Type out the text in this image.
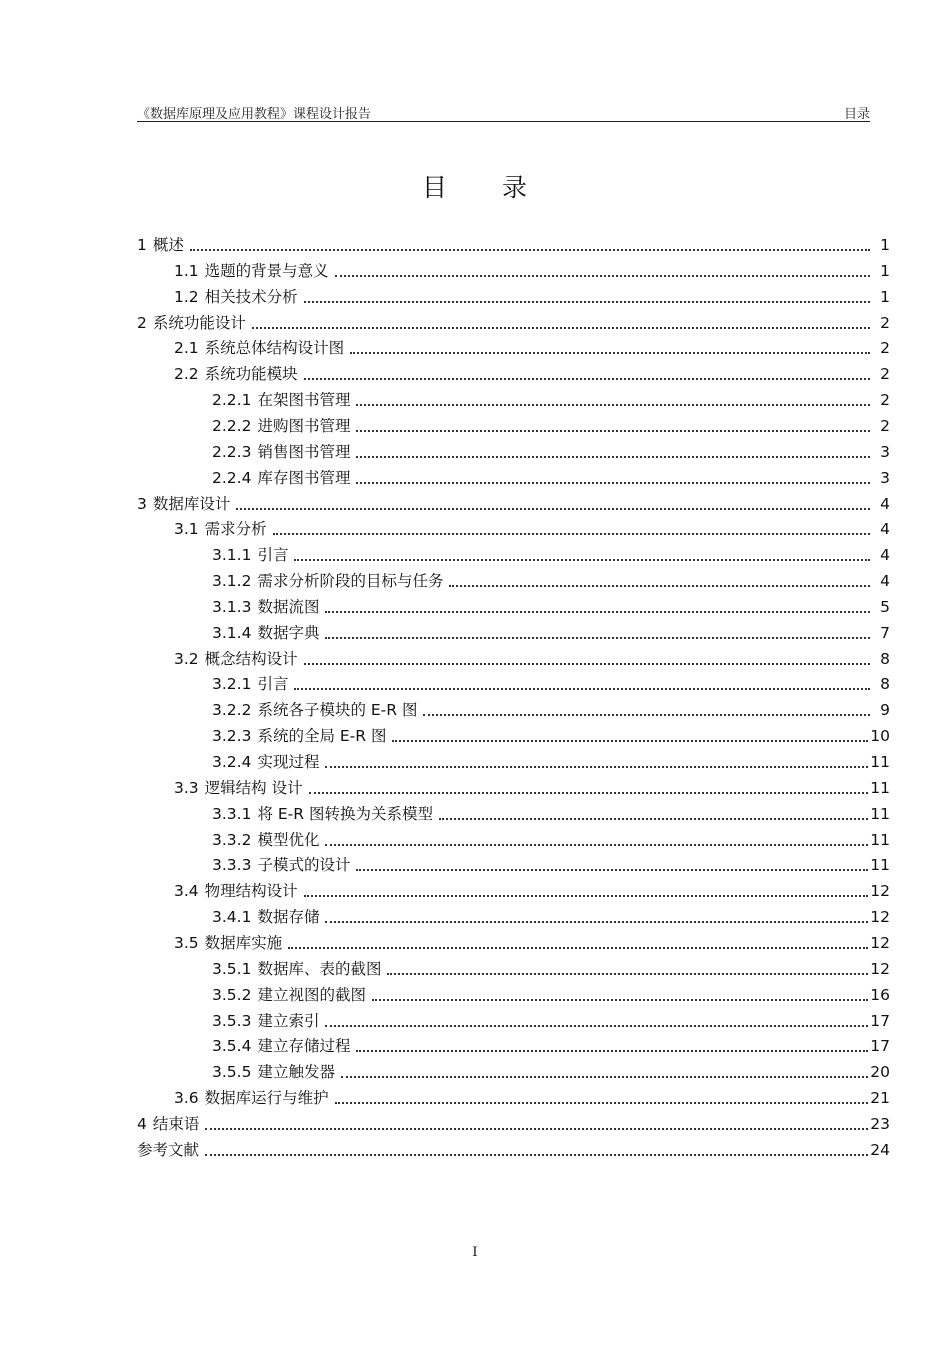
《数据库原理及应用教程》课程设计报告	目录
目 录
1 概述	1
1.1 选题的背景与意义	1
1.2 相关技术分析	1
2 系统功能设计	2
2.1 系统总体结构设计图	2
2.2 系统功能模块	2
2.2.1 在架图书管理	2
2.2.2 进购图书管理	2
2.2.3 销售图书管理	3
2.2.4 库存图书管理	3
3 数据库设计	4
3.1 需求分析	4
3.1.1 引言	4
3.1.2 需求分析阶段的目标与任务	4
3.1.3 数据流图	5
3.1.4 数据字典	7
3.2 概念结构设计	8
3.2.1 引言	8
3.2.2 系统各子模块的 E-R 图	9
3.2.3 系统的全局 E-R 图	10
3.2.4 实现过程	11
3.3 逻辑结构 设计	11
3.3.1 将 E-R 图转换为关系模型	11
3.3.2 模型优化	11
3.3.3 子模式的设计	11
3.4 物理结构设计	12
3.4.1 数据存储	12
3.5 数据库实施	12
3.5.1 数据库、表的截图	12
3.5.2 建立视图的截图	16
3.5.3 建立索引	17
3.5.4 建立存储过程	17
3.5.5 建立触发器	20
3.6 数据库运行与维护	21
4 结束语	23
参考文献	24
I
